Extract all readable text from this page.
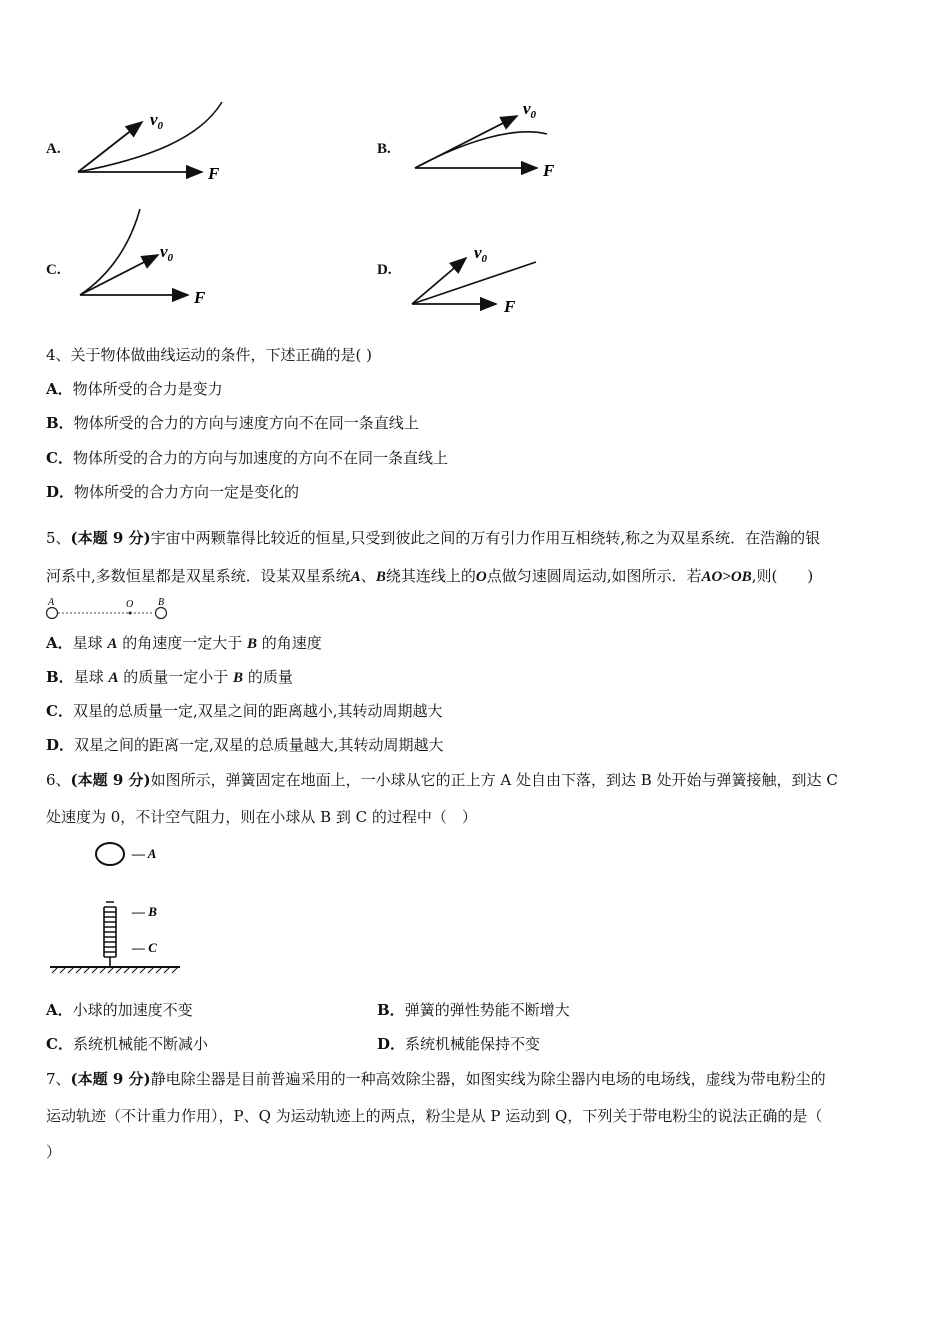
A.
$v_0$
F
B.
$v_0$
F
C.
$v_0$
F
D.
$v_0$
F
4、关于物体做曲线运动的条件，下述正确的是( )
A．物体所受的合力是变力
B．物体所受的合力的方向与速度方向不在同一条直线上
C．物体所受的合力的方向与加速度的方向不在同一条直线上
D．物体所受的合力方向一定是变化的
5、(本题 9 分)宇宙中两颗靠得比较近的恒星,只受到彼此之间的万有引力作用互相绕转,称之为双星系统．在浩瀚的银
河系中,多数恒星都是双星系统．设某双星系统A、B绕其连线上的O点做匀速圆周运动,如图所示．若AO>OB,则(　　)
A	O B
A．星球 A 的角速度一定大于 B 的角速度
B．星球 A 的质量一定小于 B 的质量
C．双星的总质量一定,双星之间的距离越小,其转动周期越大
D．双星之间的距离一定,双星的总质量越大,其转动周期越大
6、(本题 9 分)如图所示，弹簧固定在地面上，一小球从它的正上方 A 处自由下落，到达 B 处开始与弹簧接触，到达 C
处速度为 0，不计空气阻力，则在小球从 B 到 C 的过程中（　）
— A
— B
— C
A．小球的加速度不变	B．弹簧的弹性势能不断增大
C．系统机械能不断减小	D．系统机械能保持不变
7、(本题 9 分)静电除尘器是目前普遍采用的一种高效除尘器，如图实线为除尘器内电场的电场线，虚线为带电粉尘的
运动轨迹（不计重力作用），P、Q 为运动轨迹上的两点，粉尘是从 P 运动到 Q，下列关于带电粉尘的说法正确的是（
）
